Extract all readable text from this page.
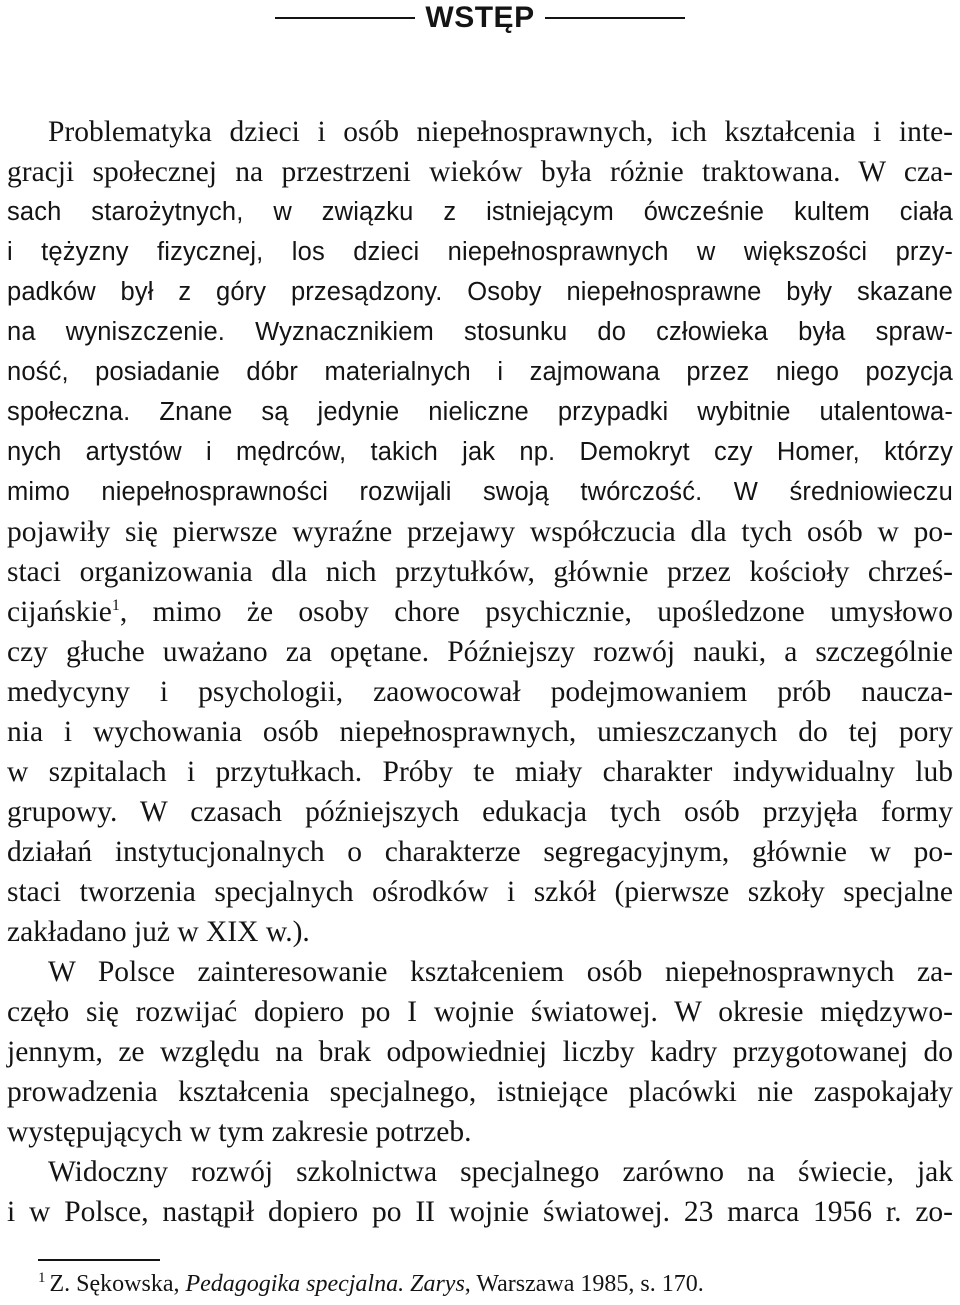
WSTĘP
Problematyka dzieci i osób niepełnosprawnych, ich kształcenia i inte-
gracji społecznej na przestrzeni wieków była różnie traktowana. W cza-
sach starożytnych, w związku z istniejącym ówcześnie kultem ciała
i tężyzny fizycznej, los dzieci niepełnosprawnych w większości przy-
padków był z góry przesądzony. Osoby niepełnosprawne były skazane
na wyniszczenie. Wyznacznikiem stosunku do człowieka była spraw-
ność, posiadanie dóbr materialnych i zajmowana przez niego pozycja
społeczna. Znane są jedynie nieliczne przypadki wybitnie utalentowa-
nych artystów i mędrców, takich jak np. Demokryt czy Homer, którzy
mimo niepełnosprawności rozwijali swoją twórczość. W średniowieczu
pojawiły się pierwsze wyraźne przejawy współczucia dla tych osób w po-
staci organizowania dla nich przytułków, głównie przez kościoły chrześ-
cijańskie$^1$, mimo że osoby chore psychicznie, upośledzone umysłowo
czy głuche uważano za opętane. Późniejszy rozwój nauki, a szczególnie
medycyny i psychologii, zaowocował podejmowaniem prób naucza-
nia i wychowania osób niepełnosprawnych, umieszczanych do tej pory
w szpitalach i przytułkach. Próby te miały charakter indywidualny lub
grupowy. W czasach późniejszych edukacja tych osób przyjęła formy
działań instytucjonalnych o charakterze segregacyjnym, głównie w po-
staci tworzenia specjalnych ośrodków i szkół (pierwsze szkoły specjalne
zakładano już w XIX w.).
W Polsce zainteresowanie kształceniem osób niepełnosprawnych za-
częło się rozwijać dopiero po I wojnie światowej. W okresie międzywo-
jennym, ze względu na brak odpowiedniej liczby kadry przygotowanej do
prowadzenia kształcenia specjalnego, istniejące placówki nie zaspokajały
występujących w tym zakresie potrzeb.
Widoczny rozwój szkolnictwa specjalnego zarówno na świecie, jak
i w Polsce, nastąpił dopiero po II wojnie światowej. 23 marca 1956 r. zo-
$^1$ Z. Sękowska, Pedagogika specjalna. Zarys, Warszawa 1985, s. 170.
